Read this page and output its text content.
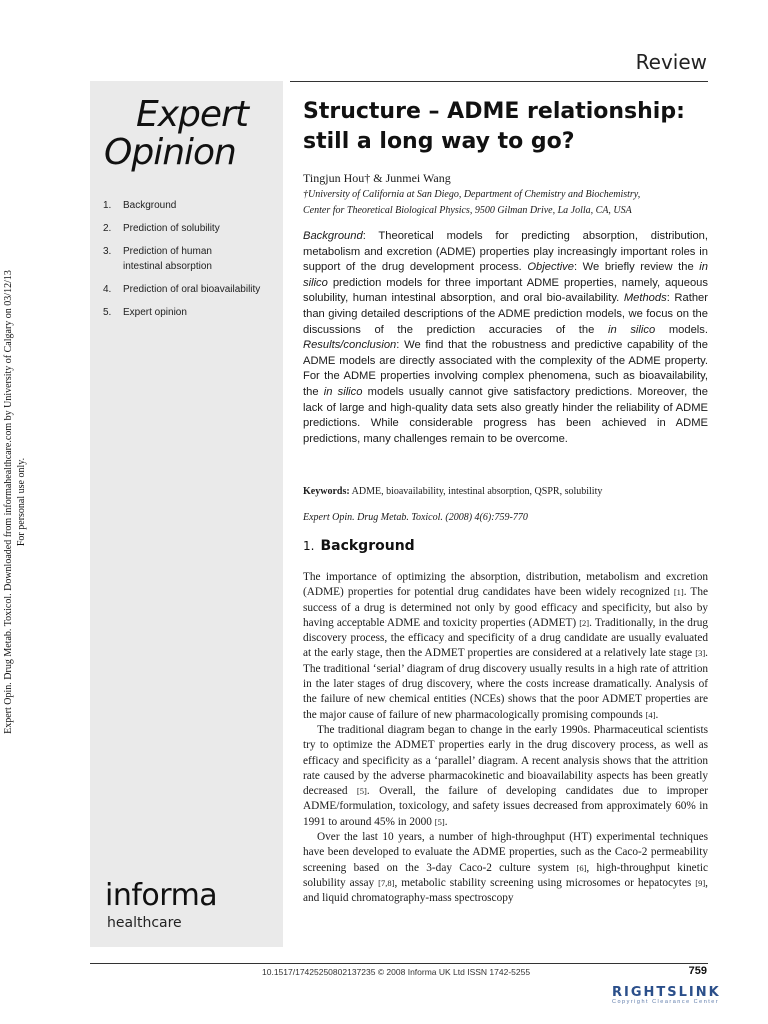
Expert Opin. Drug Metab. Toxicol. Downloaded from informahealthcare.com by University of Calgary on 03/12/13 For personal use only.
Expert
Opinion
1.	Background
2.	Prediction of solubility
3.	Prediction of human intestinal absorption
4.	Prediction of oral bioavailability
5.	Expert opinion
informa
healthcare
Review
Structure – ADME relationship: still a long way to go?
Tingjun Hou† & Junmei Wang
†University of California at San Diego, Department of Chemistry and Biochemistry,
Center for Theoretical Biological Physics, 9500 Gilman Drive, La Jolla, CA, USA
Background: Theoretical models for predicting absorption, distribution, metabolism and excretion (ADME) properties play increasingly important roles in support of the drug development process. Objective: We briefly review the in silico prediction models for three important ADME properties, namely, aqueous solubility, human intestinal absorption, and oral bio-availability. Methods: Rather than giving detailed descriptions of the ADME prediction models, we focus on the discussions of the prediction accuracies of the in silico models. Results/conclusion: We find that the robustness and predictive capability of the ADME models are directly associated with the complexity of the ADME property. For the ADME properties involving complex phenomena, such as bioavailability, the in silico models usually cannot give satisfactory predictions. Moreover, the lack of large and high-quality data sets also greatly hinder the reliability of ADME predictions. While considerable progress has been achieved in ADME predictions, many challenges remain to be overcome.
Keywords: ADME, bioavailability, intestinal absorption, QSPR, solubility
Expert Opin. Drug Metab. Toxicol. (2008) 4(6):759-770
1. Background

The importance of optimizing the absorption, distribution, metabolism and excretion (ADME) properties for potential drug candidates have been widely recognized [1]. The success of a drug is determined not only by good efficacy and specificity, but also by having acceptable ADME and toxicity properties (ADMET) [2]. Traditionally, in the drug discovery process, the efficacy and specificity of a drug candidate are usually evaluated at the early stage, then the ADMET properties are considered at a relatively late stage [3]. The traditional ‘serial’ diagram of drug discovery usually results in a high rate of attrition in the later stages of drug discovery, where the costs increase dramatically. Analysis of the failure of new chemical entities (NCEs) shows that the poor ADMET properties are the major cause of failure of new pharmacologically promising compounds [4].

The traditional diagram began to change in the early 1990s. Pharmaceutical scientists try to optimize the ADMET properties early in the drug discovery process, as well as efficacy and specificity as a ‘parallel’ diagram. A recent analysis shows that the attrition rate caused by the adverse pharmacokinetic and bioavailability aspects has been greatly decreased [5]. Overall, the failure of developing candidates due to improper ADME/formulation, toxicology, and safety issues decreased from approximately 60% in 1991 to around 45% in 2000 [5].

Over the last 10 years, a number of high-throughput (HT) experimental techniques have been developed to evaluate the ADME properties, such as the Caco-2 permeability screening based on the 3-day Caco-2 culture system [6], high-throughput kinetic solubility assay [7,8], metabolic stability screening using microsomes or hepatocytes [9], and liquid chromatography-mass spectroscopy

10.1517/17425250802137235 © 2008 Informa UK Ltd ISSN 1742-5255	759
RIGHTSLINK
Copyright Clearance Center
